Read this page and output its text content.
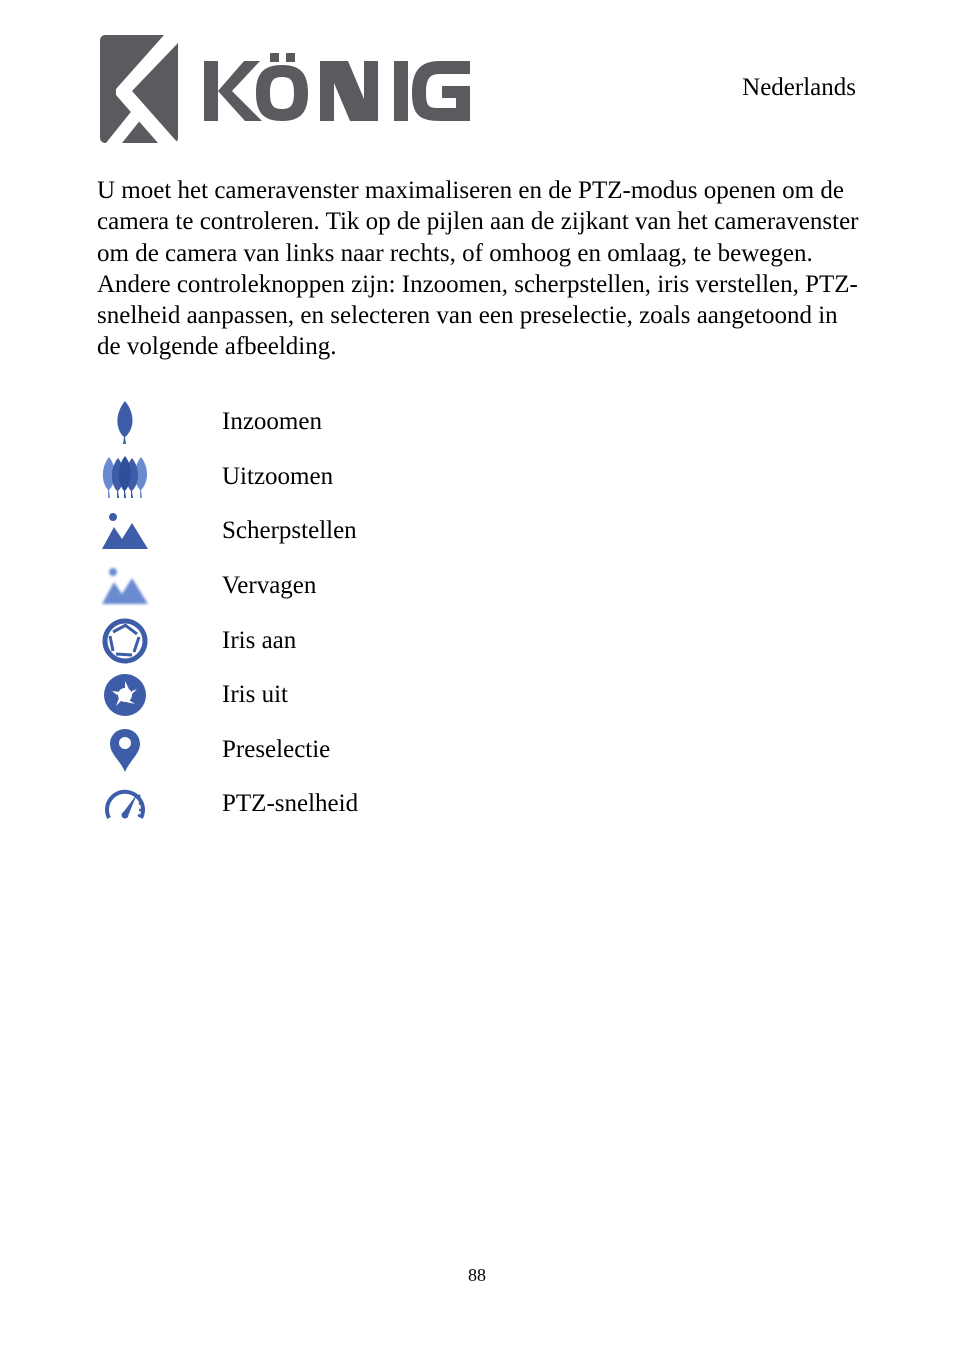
Nederlands

U moet het cameravenster maximaliseren en de PTZ-modus openen om de camera te controleren. Tik op de pijlen aan de zijkant van het cameravenster om de camera van links naar rechts, of omhoog en omlaag, te bewegen. Andere controleknoppen zijn: Inzoomen, scherpstellen, iris verstellen, PTZ-snelheid aanpassen, en selecteren van een preselectie, zoals aangetoond in de volgende afbeelding.

Inzoomen
Uitzoomen
Scherpstellen
Vervagen
Iris aan
Iris uit
Preselectie
PTZ-snelheid
88
